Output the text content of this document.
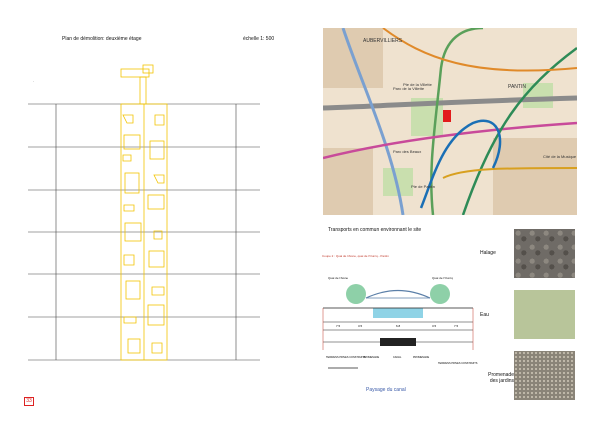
Plan de démolition: deuxième étage	échelle 1: 500
.
33
AUBERVILLIERS
PANTIN
Parc de la Villette
Parc des Beaux
Pte de Pantin
Pte de la Villette
Cité de la Musique
Transports en commun environnant le site
Coupe 2 : Quai de l'Aisne, quai de l'Ourcq - Pantin
Quai de l'Aisne	Quai de l'Ourcq
7.5	3.5	6.8	3.5	7.5
TERRAINS PRIVES CONSTRUITS
PROMENADE	CANAL	PROMENADE
TERRAINS PRIVES CONSTRUITS
Paysage du canal
Halage
Eau
Promenade des jardins
